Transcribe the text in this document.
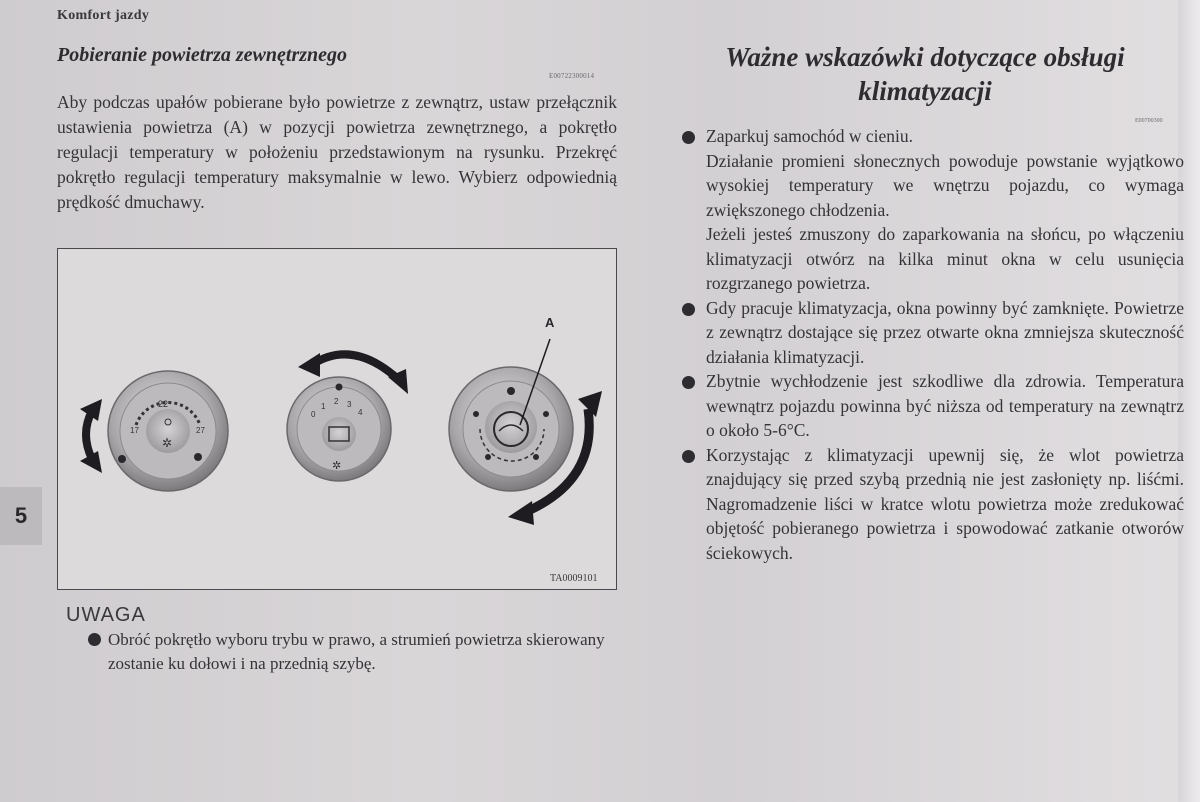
Komfort jazdy
Pobieranie powietrza zewnętrznego
E00722300014
Aby podczas upałów pobierane było powietrze z zewnątrz, ustaw przełącznik ustawienia powietrza (A) w pozycji powietrza zewnętrznego, a pokrętło regulacji temperatury w położeniu przedstawionym na rysunku. Przekręć pokrętło regulacji temperatury maksymalnie w lewo. Wybierz odpowiednią prędkość dmuchawy.
22
17	27
✲
0
1
2 3
4
✲
A
TA0009101
UWAGA
Obróć pokrętło wyboru trybu w prawo, a strumień powietrza skierowany zostanie ku dołowi i na przednią szybę.
5
Ważne wskazówki dotyczące obsługi
klimatyzacji
E00700300

Zaparkuj samochód w cieniu.

Działanie promieni słonecznych powoduje powstanie wyjątkowo wysokiej temperatury we wnętrzu pojazdu, co wymaga zwiększonego chłodzenia.

Jeżeli jesteś zmuszony do zaparkowania na słońcu, po włączeniu klimatyzacji otwórz na kilka minut okna w celu usunięcia rozgrzanego powietrza.

Gdy pracuje klimatyzacja, okna powinny być zamknięte. Powietrze z zewnątrz dostające się przez otwarte okna zmniejsza skuteczność działania klimatyzacji.

Zbytnie wychłodzenie jest szkodliwe dla zdrowia. Temperatura wewnątrz pojazdu powinna być niższa od temperatury na zewnątrz o około 5-6°C.

Korzystając z klimatyzacji upewnij się, że wlot powietrza znajdujący się przed szybą przednią nie jest zasłonięty np. liśćmi. Nagromadzenie liści w kratce wlotu powietrza może zredukować objętość pobieranego powietrza i spowodować zatkanie otworów ściekowych.
